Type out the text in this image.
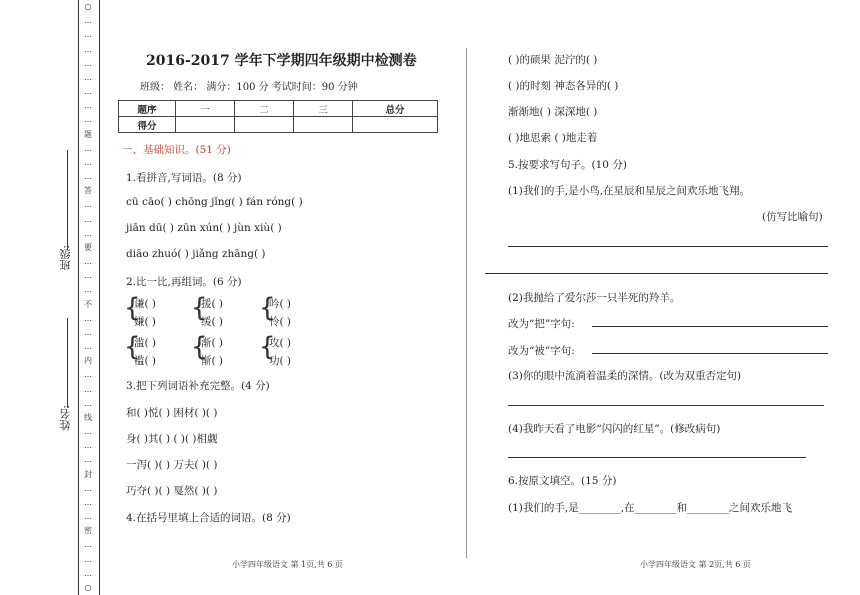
○
…
…
…
…
…
…
…
…
题
…
…
…
答
…
…
…
要
…
…
…
不
…
…
…
内
…
…
…
线
…
…
…
封
…
…
…
密
…
…
…
○
班级:
姓名:
2016-2017 学年下学期四年级期中检测卷
班级： 姓名： 满分：100 分 考试时间：90 分钟
题序	一	二	三	总分
得分				
一、基础知识。(51 分)
1.看拼音,写词语。(8 分)
cū cāo( ) chōng jǐng( ) fán róng( )
jiān dū( ) zūn xún( ) jùn xiù( )
diāo zhuó( ) jiǎng zhāng( )
2.比一比,再组词。(6 分)
{
谦( )
嫌( ) {
援( )
缓( ) {
吟( )
怜( )
{
滥( )
褴( ) {
渐( )
惭( ) {
攻( )
功( )
3.把下列词语补充完整。(4 分)
和( )悦( ) 困材( )( )
身( )其( ) ( )( )相觑
一泻( )( ) 万夫( )( )
巧夺( )( ) 戛然( )( )
4.在括号里填上合适的词语。(8 分)
小学四年级语文 第 1页,共 6 页
( )的硕果 泥泞的( )
( )的时刻 神态各异的( )
渐渐地( ) 深深地( )
( )地思索 ( )地走着
5.按要求写句子。(10 分)
(1)我们的手,是小鸟,在星辰和星辰之间欢乐地飞翔。
(仿写比喻句)
(2)我抛给了爱尔莎一只半死的羚羊。
改为“把”字句:
改为“被”字句:
(3)你的眼中流淌着温柔的深情。(改为双重否定句)
(4)我昨天看了电影“闪闪的红星”。(修改病句)
6.按原文填空。(15 分)
(1)我们的手,是________,在________和________之间欢乐地飞
小学四年级语文 第 2页,共 6 页
